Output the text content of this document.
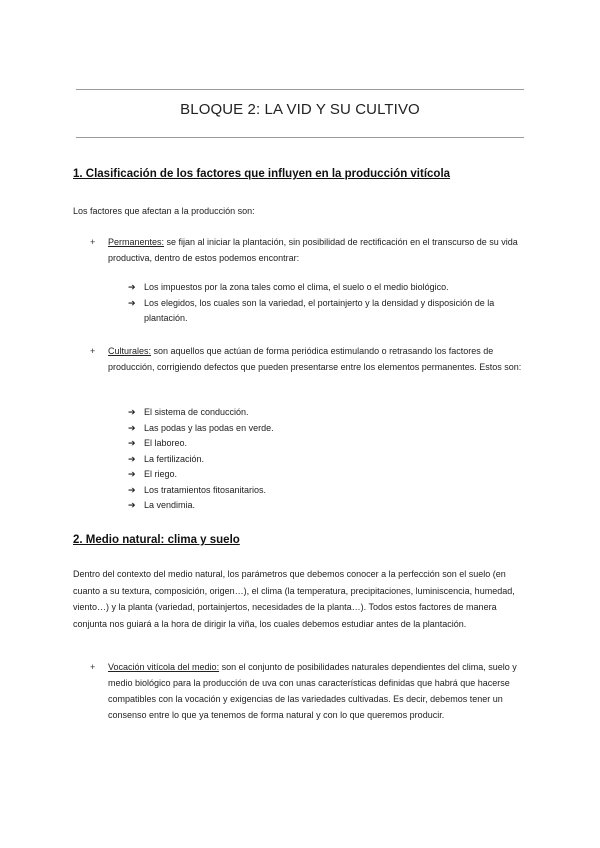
BLOQUE 2: LA VID Y SU CULTIVO
1. Clasificación de los factores que influyen en la producción vitícola
Los factores que afectan a la producción son:
+ Permanentes: se fijan al iniciar la plantación, sin posibilidad de rectificación en el transcurso de su vida productiva, dentro de estos podemos encontrar:
➔ Los impuestos por la zona tales como el clima, el suelo o el medio biológico.
➔ Los elegidos, los cuales son la variedad, el portainjerto y la densidad y disposición de la plantación.
+ Culturales: son aquellos que actúan de forma periódica estimulando o retrasando los factores de producción, corrigiendo defectos que pueden presentarse entre los elementos permanentes. Estos son:
➔ El sistema de conducción.
➔ Las podas y las podas en verde.
➔ El laboreo.
➔ La fertilización.
➔ El riego.
➔ Los tratamientos fitosanitarios.
➔ La vendimia.
2. Medio natural: clima y suelo
Dentro del contexto del medio natural, los parámetros que debemos conocer a la perfección son el suelo (en cuanto a su textura, composición, origen…), el clima (la temperatura, precipitaciones, luminiscencia, humedad, viento…) y la planta (variedad, portainjertos, necesidades de la planta…). Todos estos factores de manera conjunta nos guiará a la hora de dirigir la viña, los cuales debemos estudiar antes de la plantación.
+ Vocación vitícola del medio: son el conjunto de posibilidades naturales dependientes del clima, suelo y medio biológico para la producción de uva con unas características definidas que habrá que hacerse compatibles con la vocación y exigencias de las variedades cultivadas. Es decir, debemos tener un consenso entre lo que ya tenemos de forma natural y con lo que queremos producir.
